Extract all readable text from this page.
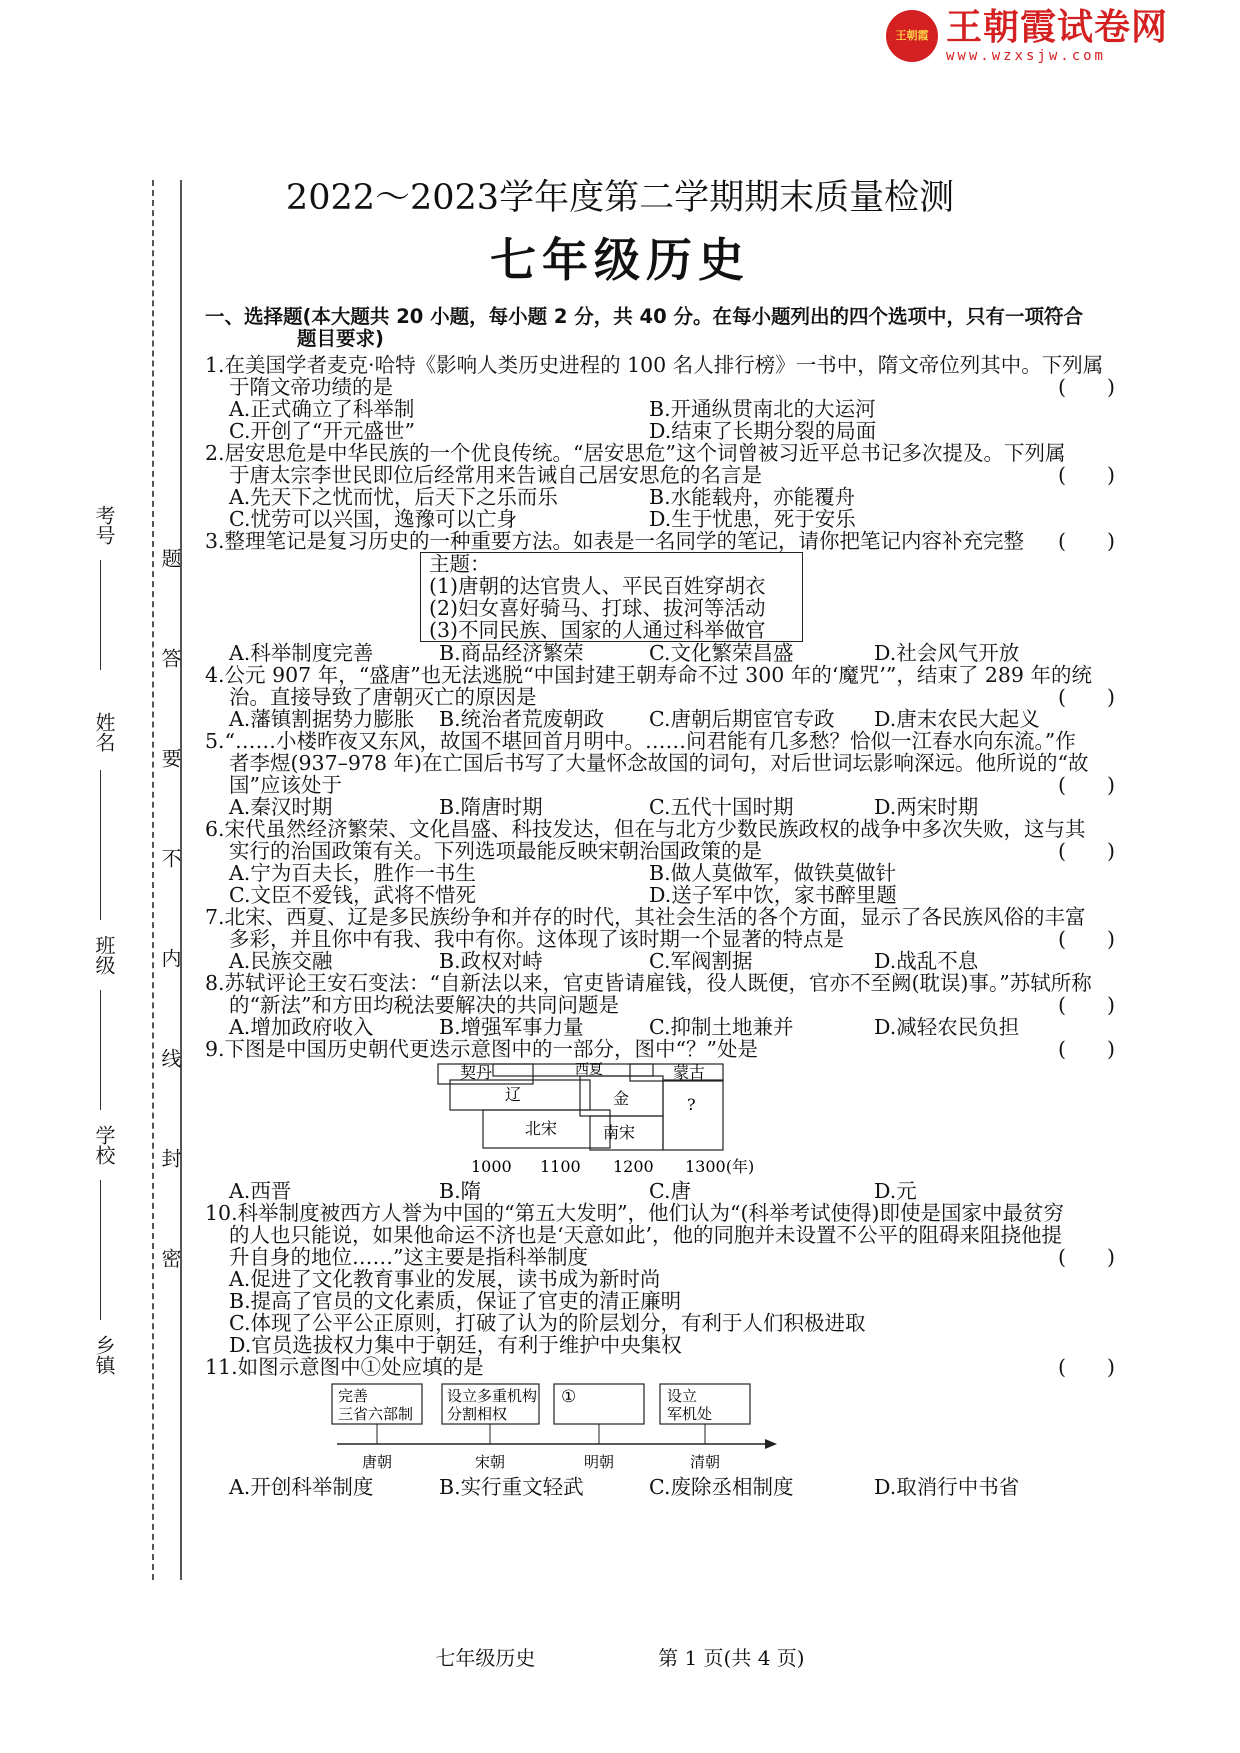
王朝霞 王朝霞试卷网
www.wzxsjw.com
2022～2023学年度第二学期期末质量检测
七年级历史
考号
姓名
班级
学校
乡镇
题
答
要
不
内
线
封
密
一、选择题(本大题共 20 小题，每小题 2 分，共 40 分。在每小题列出的四个选项中，只有一项符合
题目要求)
1.在美国学者麦克·哈特《影响人类历史进程的 100 名人排行榜》一书中，隋文帝位列其中。下列属
于隋文帝功绩的是	(　　)
A.正式确立了科举制	B.开通纵贯南北的大运河
C.开创了“开元盛世”	D.结束了长期分裂的局面
2.居安思危是中华民族的一个优良传统。“居安思危”这个词曾被习近平总书记多次提及。下列属
于唐太宗李世民即位后经常用来告诫自己居安思危的名言是	(　　)
A.先天下之忧而忧，后天下之乐而乐	B.水能载舟，亦能覆舟
C.忧劳可以兴国，逸豫可以亡身	D.生于忧患，死于安乐
3.整理笔记是复习历史的一种重要方法。如表是一名同学的笔记，请你把笔记内容补充完整 (　　)
主题：
(1)唐朝的达官贵人、平民百姓穿胡衣
(2)妇女喜好骑马、打球、拔河等活动
(3)不同民族、国家的人通过科举做官
A.科举制度完善	B.商品经济繁荣	C.文化繁荣昌盛	D.社会风气开放
4.公元 907 年，“盛唐”也无法逃脱“中国封建王朝寿命不过 300 年的‘魔咒’”，结束了 289 年的统
治。直接导致了唐朝灭亡的原因是	(　　)
A.藩镇割据势力膨胀	B.统治者荒废朝政	C.唐朝后期宦官专政	D.唐末农民大起义
5.“……小楼昨夜又东风，故国不堪回首月明中。……问君能有几多愁？恰似一江春水向东流。”作
者李煜(937–978 年)在亡国后书写了大量怀念故国的词句，对后世词坛影响深远。他所说的“故
国”应该处于	(　　)
A.秦汉时期	B.隋唐时期	C.五代十国时期	D.两宋时期
6.宋代虽然经济繁荣、文化昌盛、科技发达，但在与北方少数民族政权的战争中多次失败，这与其
实行的治国政策有关。下列选项最能反映宋朝治国政策的是	(　　)
A.宁为百夫长，胜作一书生	B.做人莫做军，做铁莫做针
C.文臣不爱钱，武将不惜死	D.送子军中饮，家书醉里题
7.北宋、西夏、辽是多民族纷争和并存的时代，其社会生活的各个方面，显示了各民族风俗的丰富
多彩，并且你中有我、我中有你。这体现了该时期一个显著的特点是	(　　)
A.民族交融	B.政权对峙	C.军阀割据	D.战乱不息
8.苏轼评论王安石变法：“自新法以来，官吏皆请雇钱，役人既便，官亦不至阙(耽误)事。”苏轼所称
的“新法”和方田均税法要解决的共同问题是	(　　)
A.增加政府收入	B.增强军事力量	C.抑制土地兼并	D.减轻农民负担
9.下图是中国历史朝代更迭示意图中的一部分，图中“？”处是	(　　)
契丹	西夏	蒙古
辽	金	?
北宋	南宋
1000 1100 1200 1300(年)
A.西晋	B.隋	C.唐	D.元
10.科举制度被西方人誉为中国的“第五大发明”，他们认为“(科举考试使得)即使是国家中最贫穷
的人也只能说，如果他命运不济也是‘天意如此’，他的同胞并未设置不公平的阻碍来阻挠他提
升自身的地位……”这主要是指科举制度	(　　)
A.促进了文化教育事业的发展，读书成为新时尚
B.提高了官员的文化素质，保证了官吏的清正廉明
C.体现了公平公正原则，打破了认为的阶层划分，有利于人们积极进取
D.官员选拔权力集中于朝廷，有利于维护中央集权
11.如图示意图中①处应填的是	(　　)
完善
三省六部制
设立多重机构
分割相权
①	设立
军机处
唐朝	宋朝	明朝	清朝
A.开创科举制度	B.实行重文轻武	C.废除丞相制度	D.取消行中书省
七年级历史	第 1 页(共 4 页)
